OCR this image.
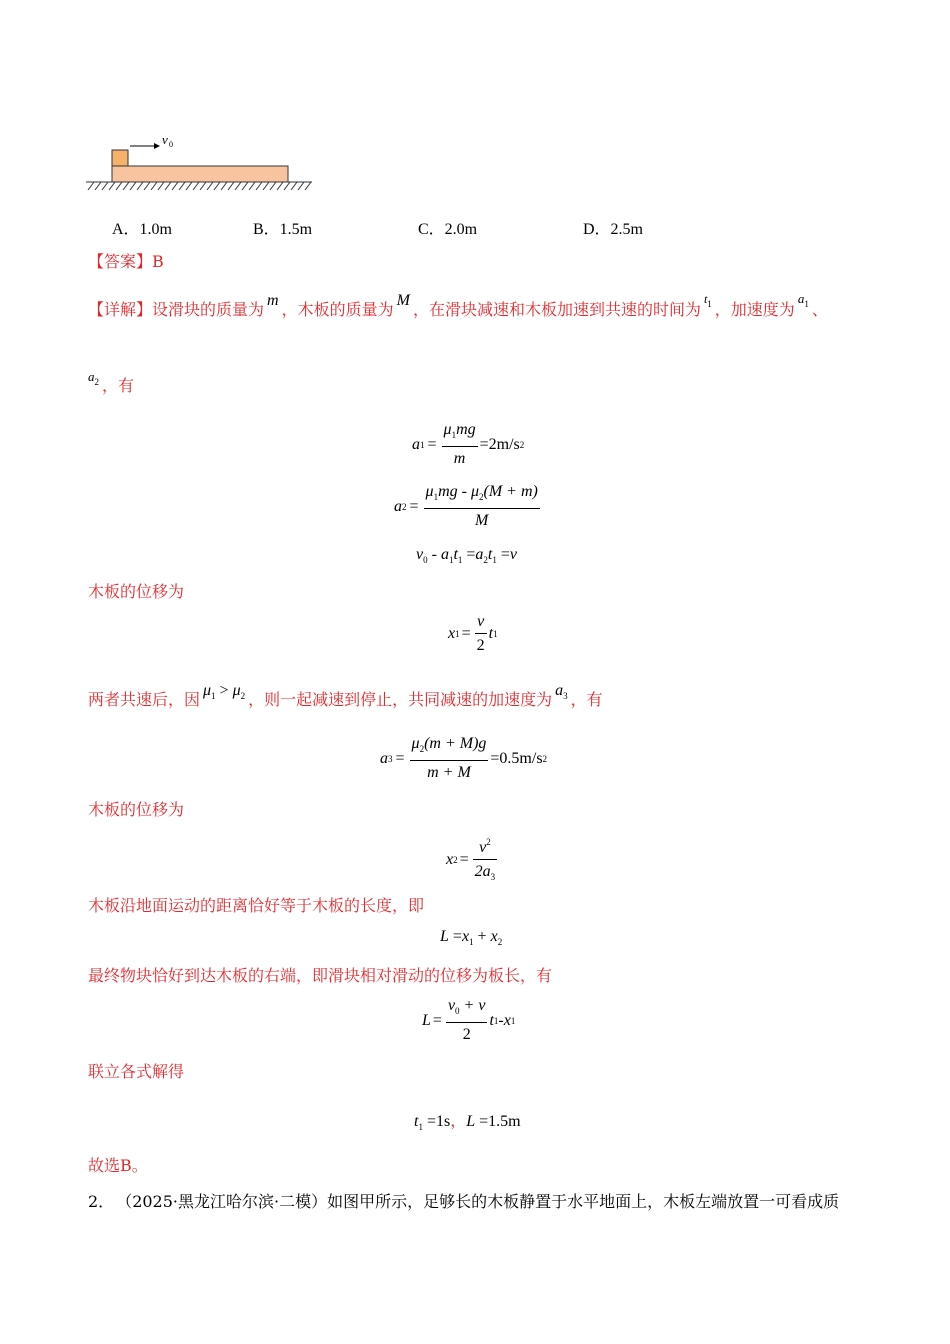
v 0
A．1.0m	B．1.5m	C．2.0m	D．2.5m
【答案】B
【详解】设滑块的质量为 m ，木板的质量为 M ，在滑块减速和木板加速到共速的时间为$^{t_1}$ ，加速度为$^{a_1}$ 、
$^{a_2}$ ，有
a $1 = \frac{\mu_1mg}{m} =2m/s$ 2
a $2 = \frac{\mu_1mg - \mu_2(M + m)}{M}$
$v_0 - a_1t_1 =a_2t_1 =v$
木板的位移为
x $1 = \frac{v}{2}$ t 1
两者共速后，因 $\mu_1 > \mu_2$ ，则一起减速到停止，共同减速的加速度为 $a_3$ ，有
a $3 = \frac{\mu_2(m + M)g}{m + M} =0.5m/s$ 2
木板的位移为
x $2 = \frac{v^2}{2a_3}$
木板沿地面运动的距离恰好等于木板的长度，即
$L =x_1 + x_2$
最终物块恰好到达木板的右端，即滑块相对滑动的位移为板长，有
$L = \frac{v_0 + v}{2}$ t 1 - x 1
联立各式解得
$t_1 =1s$，L =1.5m
故选B。
2． （2025·黑龙江哈尔滨·二模）如图甲所示，足够长的木板静置于水平地面上，木板左端放置一可看成质
